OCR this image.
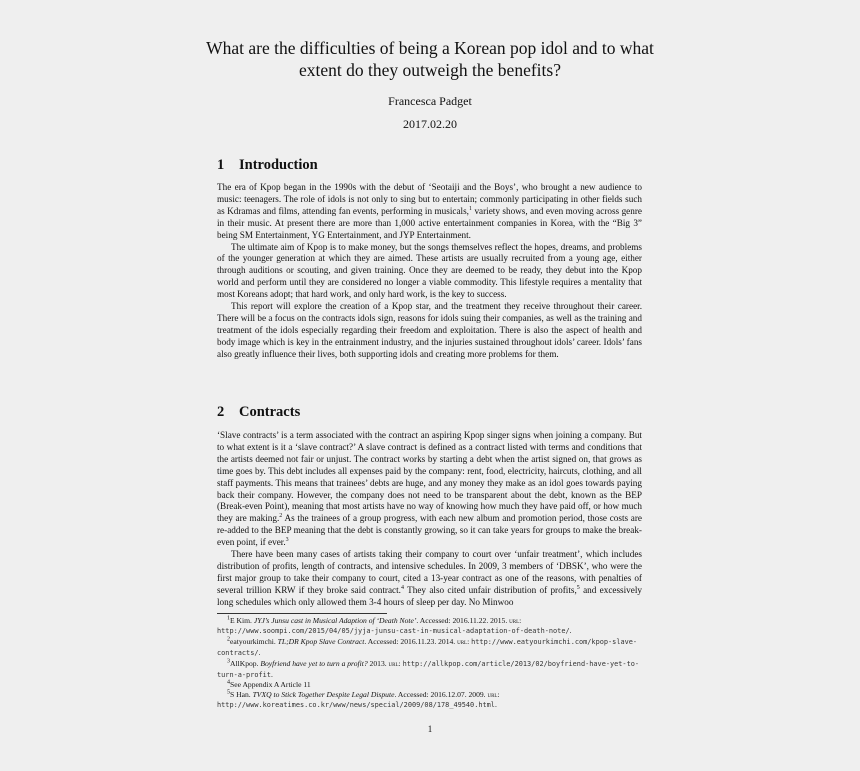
What are the difficulties of being a Korean pop idol and to what extent do they outweigh the benefits?
Francesca Padget
2017.02.20
1 Introduction

The era of Kpop began in the 1990s with the debut of ‘Seotaiji and the Boys’, who brought a new audience to music: teenagers. The role of idols is not only to sing but to entertain; commonly participating in other fields such as Kdramas and films, attending fan events, performing in musicals,$^1$ variety shows, and even moving across genre in their music. At present there are more than 1,000 active entertainment companies in Korea, with the “Big 3” being SM Entertainment, YG Entertainment, and JYP Entertainment.

The ultimate aim of Kpop is to make money, but the songs themselves reflect the hopes, dreams, and problems of the younger generation at which they are aimed. These artists are usually recruited from a young age, either through auditions or scouting, and given training. Once they are deemed to be ready, they debut into the Kpop world and perform until they are considered no longer a viable commodity. This lifestyle requires a mentality that most Koreans adopt; that hard work, and only hard work, is the key to success.

This report will explore the creation of a Kpop star, and the treatment they receive throughout their career. There will be a focus on the contracts idols sign, reasons for idols suing their companies, as well as the training and treatment of the idols especially regarding their freedom and exploitation. There is also the aspect of health and body image which is key in the entrainment industry, and the injuries sustained throughout idols’ career. Idols’ fans also greatly influence their lives, both supporting idols and creating more problems for them.

2 Contracts

‘Slave contracts’ is a term associated with the contract an aspiring Kpop singer signs when joining a company. But to what extent is it a ‘slave contract?’ A slave contract is defined as a contract listed with terms and conditions that the artists deemed not fair or unjust. The contract works by starting a debt when the artist signed on, that grows as time goes by. This debt includes all expenses paid by the company: rent, food, electricity, haircuts, clothing, and all staff payments. This means that trainees’ debts are huge, and any money they make as an idol goes towards paying back their company. However, the company does not need to be transparent about the debt, known as the BEP (Break-even Point), meaning that most artists have no way of knowing how much they have paid off, or how much they are making.$^2$ As the trainees of a group progress, with each new album and promotion period, those costs are re-added to the BEP meaning that the debt is constantly growing, so it can take years for groups to make the break-even point, if ever.$^3$

There have been many cases of artists taking their company to court over ‘unfair treatment’, which includes distribution of profits, length of contracts, and intensive schedules. In 2009, 3 members of ‘DBSK’, who were the first major group to take their company to court, cited a 13-year contract as one of the reasons, with penalties of several trillion KRW if they broke said contract.$^4$ They also cited unfair distribution of profits,$^5$ and excessively long schedules which only allowed them 3-4 hours of sleep per day. No Minwoo

$^1$E Kim. JYJ’s Junsu cast in Musical Adaption of ‘Death Note’. Accessed: 2016.11.22. 2015. url: http://www.soompi.com/2015/04/05/jyja-junsu-cast-in-musical-adaptation-of-death-note/.
$^2$eatyourkimchi. TL;DR Kpop Slave Contract. Accessed: 2016.11.23. 2014. url: http://www.eatyourkimchi.com/kpop-slave-contracts/.
$^3$AllKpop. Boyfriend have yet to turn a profit? 2013. url: http://allkpop.com/article/2013/02/boyfriend-have-yet-to-turn-a-profit.
$^4$See Appendix A Article 11
$^5$S Han. TVXQ to Stick Together Despite Legal Dispute. Accessed: 2016.12.07. 2009. url: http://www.koreatimes.co.kr/www/news/special/2009/08/178_49540.html.
1
